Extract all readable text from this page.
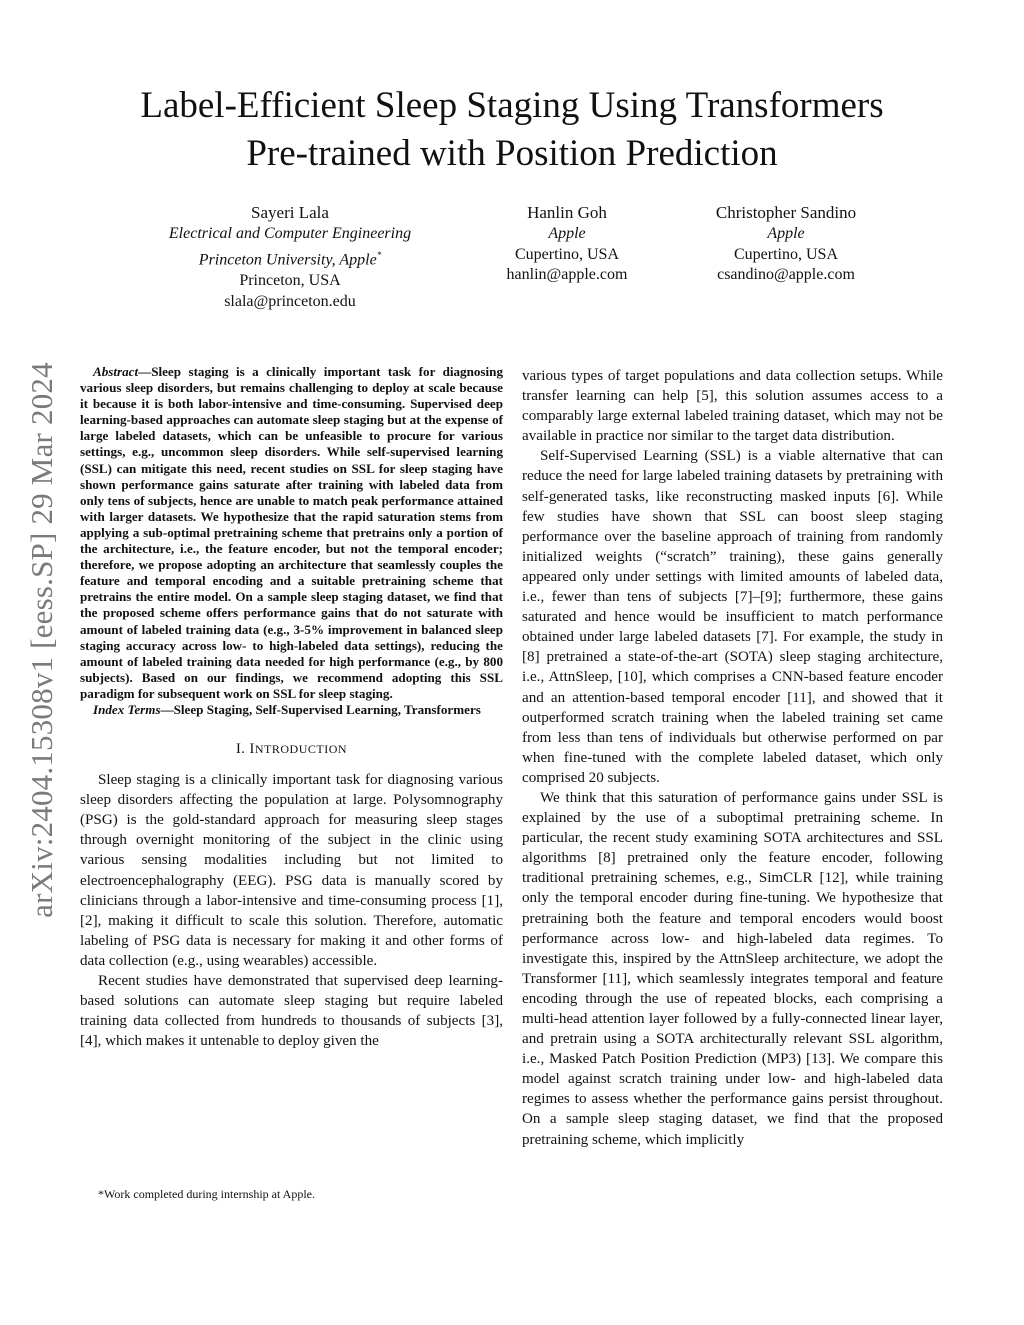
arXiv:2404.15308v1 [eess.SP] 29 Mar 2024
Label-Efficient Sleep Staging Using Transformers
Pre-trained with Position Prediction
Sayeri Lala
Electrical and Computer Engineering
Princeton University, Apple*
Princeton, USA
slala@princeton.edu
Hanlin Goh
Apple
Cupertino, USA
hanlin@apple.com
Christopher Sandino
Apple
Cupertino, USA
csandino@apple.com

Abstract—Sleep staging is a clinically important task for diagnosing various sleep disorders, but remains challenging to deploy at scale because it because it is both labor-intensive and time-consuming. Supervised deep learning-based approaches can automate sleep staging but at the expense of large labeled datasets, which can be unfeasible to procure for various settings, e.g., uncommon sleep disorders. While self-supervised learning (SSL) can mitigate this need, recent studies on SSL for sleep staging have shown performance gains saturate after training with labeled data from only tens of subjects, hence are unable to match peak performance attained with larger datasets. We hypothesize that the rapid saturation stems from applying a sub-optimal pretraining scheme that pretrains only a portion of the architecture, i.e., the feature encoder, but not the temporal encoder; therefore, we propose adopting an architecture that seamlessly couples the feature and temporal encoding and a suitable pretraining scheme that pretrains the entire model. On a sample sleep staging dataset, we find that the proposed scheme offers performance gains that do not saturate with amount of labeled training data (e.g., 3-5% improvement in balanced sleep staging accuracy across low- to high-labeled data settings), reducing the amount of labeled training data needed for high performance (e.g., by 800 subjects). Based on our findings, we recommend adopting this SSL paradigm for subsequent work on SSL for sleep staging.

Index Terms—Sleep Staging, Self-Supervised Learning, Transformers

I. INTRODUCTION

Sleep staging is a clinically important task for diagnosing various sleep disorders affecting the population at large. Polysomnography (PSG) is the gold-standard approach for measuring sleep stages through overnight monitoring of the subject in the clinic using various sensing modalities including but not limited to electroencephalography (EEG). PSG data is manually scored by clinicians through a labor-intensive and time-consuming process [1], [2], making it difficult to scale this solution. Therefore, automatic labeling of PSG data is necessary for making it and other forms of data collection (e.g., using wearables) accessible.

Recent studies have demonstrated that supervised deep learning-based solutions can automate sleep staging but require labeled training data collected from hundreds to thousands of subjects [3], [4], which makes it untenable to deploy given the

*Work completed during internship at Apple.

various types of target populations and data collection setups. While transfer learning can help [5], this solution assumes access to a comparably large external labeled training dataset, which may not be available in practice nor similar to the target data distribution.

Self-Supervised Learning (SSL) is a viable alternative that can reduce the need for large labeled training datasets by pretraining with self-generated tasks, like reconstructing masked inputs [6]. While few studies have shown that SSL can boost sleep staging performance over the baseline approach of training from randomly initialized weights (“scratch” training), these gains generally appeared only under settings with limited amounts of labeled data, i.e., fewer than tens of subjects [7]–[9]; furthermore, these gains saturated and hence would be insufficient to match performance obtained under large labeled datasets [7]. For example, the study in [8] pretrained a state-of-the-art (SOTA) sleep staging architecture, i.e., AttnSleep, [10], which comprises a CNN-based feature encoder and an attention-based temporal encoder [11], and showed that it outperformed scratch training when the labeled training set came from less than tens of individuals but otherwise performed on par when fine-tuned with the complete labeled dataset, which only comprised 20 subjects.

We think that this saturation of performance gains under SSL is explained by the use of a suboptimal pretraining scheme. In particular, the recent study examining SOTA architectures and SSL algorithms [8] pretrained only the feature encoder, following traditional pretraining schemes, e.g., SimCLR [12], while training only the temporal encoder during fine-tuning. We hypothesize that pretraining both the feature and temporal encoders would boost performance across low- and high-labeled data regimes. To investigate this, inspired by the AttnSleep architecture, we adopt the Transformer [11], which seamlessly integrates temporal and feature encoding through the use of repeated blocks, each comprising a multi-head attention layer followed by a fully-connected linear layer, and pretrain using a SOTA architecturally relevant SSL algorithm, i.e., Masked Patch Position Prediction (MP3) [13]. We compare this model against scratch training under low- and high-labeled data regimes to assess whether the performance gains persist throughout. On a sample sleep staging dataset, we find that the proposed pretraining scheme, which implicitly
